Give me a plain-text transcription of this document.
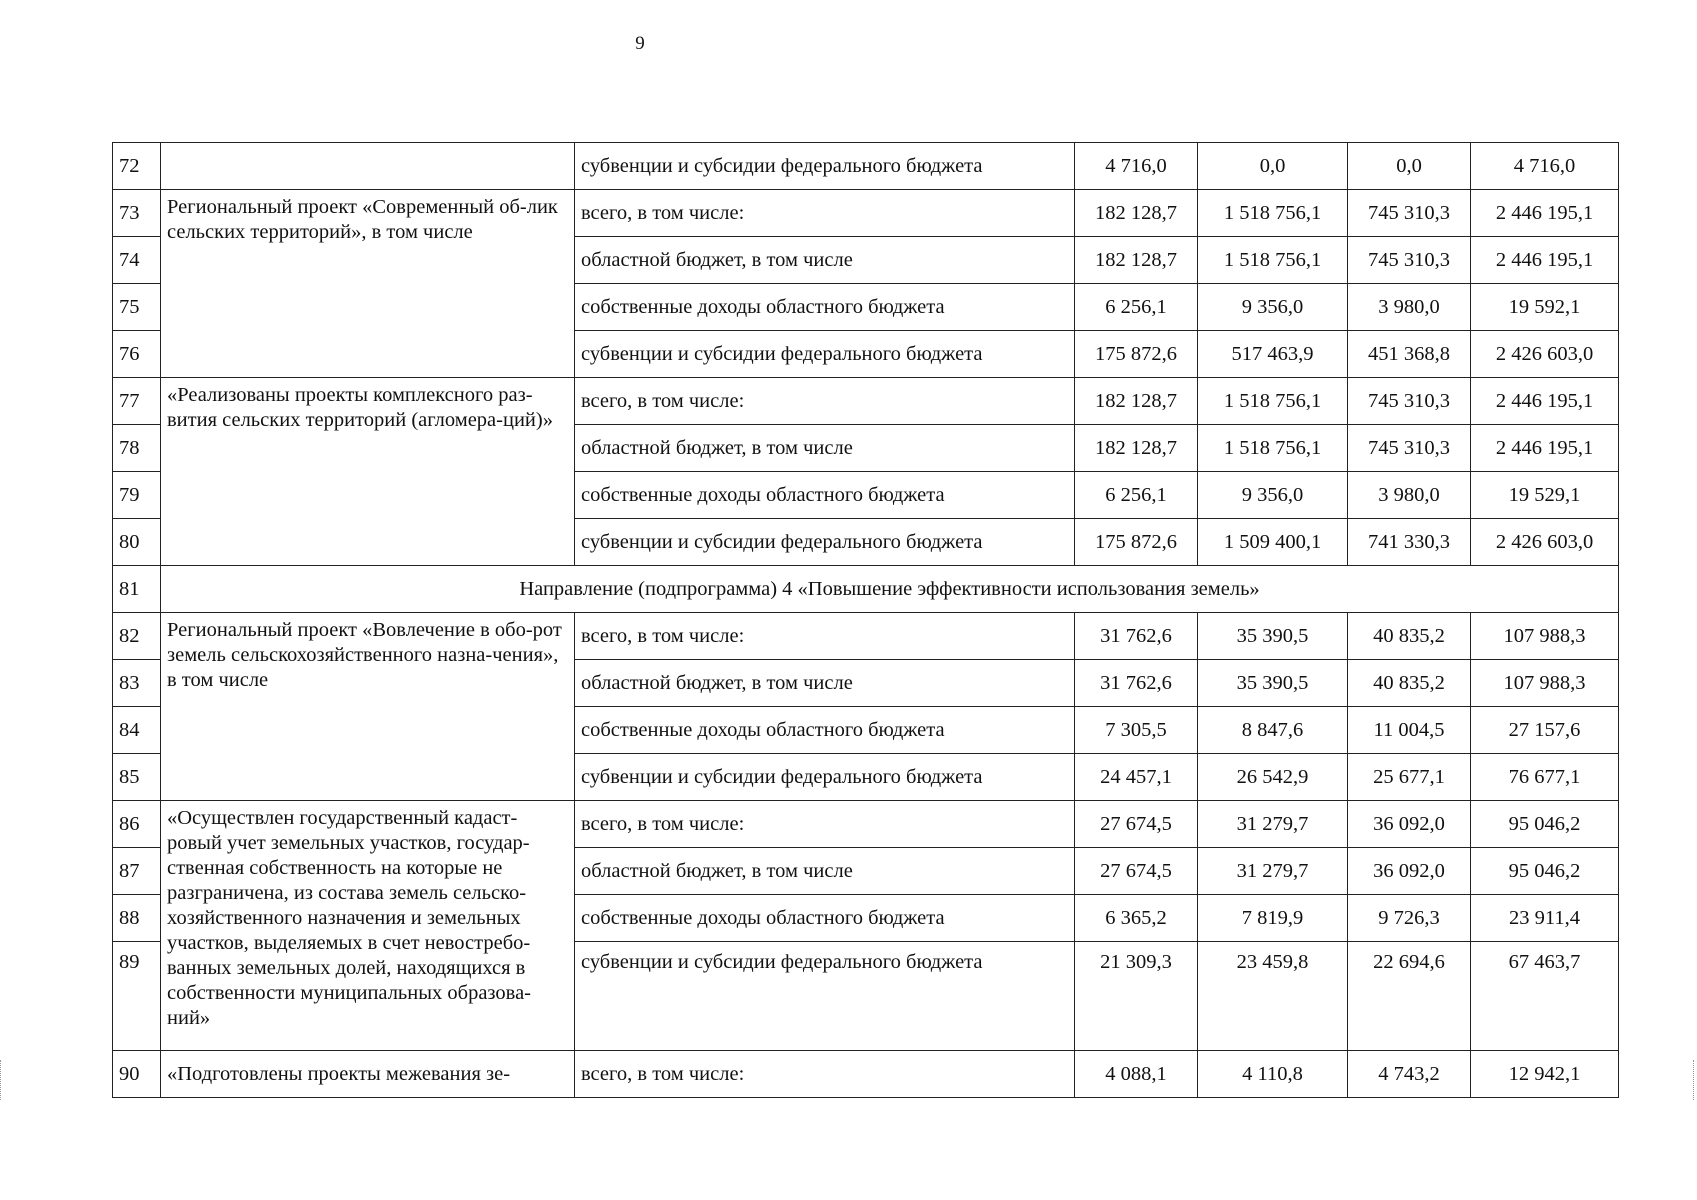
9
72		субвенции и субсидии федерального бюджета	4 716,0	0,0	0,0	4 716,0
73	Региональный проект «Современный об-лик сельских территорий», в том числе	всего, в том числе:	182 128,7	1 518 756,1	745 310,3	2 446 195,1
74		областной бюджет, в том числе	182 128,7	1 518 756,1	745 310,3	2 446 195,1
75		собственные доходы областного бюджета	6 256,1	9 356,0	3 980,0	19 592,1
76		субвенции и субсидии федерального бюджета	175 872,6	517 463,9	451 368,8	2 426 603,0
77	«Реализованы проекты комплексного раз-вития сельских территорий (агломера-ций)»	всего, в том числе:	182 128,7	1 518 756,1	745 310,3	2 446 195,1
78		областной бюджет, в том числе	182 128,7	1 518 756,1	745 310,3	2 446 195,1
79		собственные доходы областного бюджета	6 256,1	9 356,0	3 980,0	19 529,1
80		субвенции и субсидии федерального бюджета	175 872,6	1 509 400,1	741 330,3	2 426 603,0
81	Направление (подпрограмма) 4 «Повышение эффективности использования земель»					
82	Региональный проект «Вовлечение в обо-рот земель сельскохозяйственного назна-чения», в том числе	всего, в том числе:	31 762,6	35 390,5	40 835,2	107 988,3
83		областной бюджет, в том числе	31 762,6	35 390,5	40 835,2	107 988,3
84		собственные доходы областного бюджета	7 305,5	8 847,6	11 004,5	27 157,6
85		субвенции и субсидии федерального бюджета	24 457,1	26 542,9	25 677,1	76 677,1
86	«Осуществлен государственный кадаст-ровый учет земельных участков, государ-ственная собственность на которые не разграничена, из состава земель сельско-хозяйственного назначения и земельных участков, выделяемых в счет невостребо-ванных земельных долей, находящихся в собственности муниципальных образова-ний»	всего, в том числе:	27 674,5	31 279,7	36 092,0	95 046,2
87		областной бюджет, в том числе	27 674,5	31 279,7	36 092,0	95 046,2
88		собственные доходы областного бюджета	6 365,2	7 819,9	9 726,3	23 911,4
89		субвенции и субсидии федерального бюджета	21 309,3	23 459,8	22 694,6	67 463,7
90	«Подготовлены проекты межевания зе-	всего, в том числе:	4 088,1	4 110,8	4 743,2	12 942,1
